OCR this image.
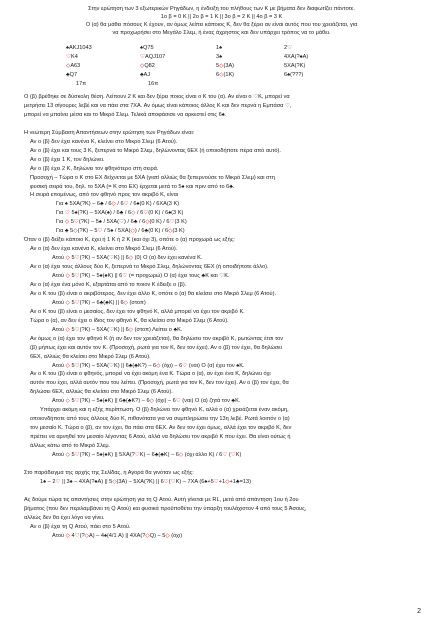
Στην ερώτηση των 3 εξωτερικών Ρηγάδων, η ένδειξη του πλήθους των Κ με βήματα δεν διαφωτίζει πάντοτε.
1ο β = 0 Κ || 2ο β = 1 Κ || 3ο β = 2 Κ || 4ο β = 3 Κ
Ο (α) θα μάθει πόσους Κ έχουν, αν όμως λείπει κάποιος Κ, δεν θα ξέρει αν είναι αυτός που του χρειάζεται, για
να προχωρήσει στο Μεγάλο Σλεμ, ή ένας άχρηστος και δεν υπάρχει τρόπος να το μάθει.
♠AKJ1043	♠Q75	1♠	2♡
♡K4	♡AQJ107	3♠	4ΧΑ(?♠Α)
◇A63	◇Q82	5◇(3A)	5ΧΑ(?K)
♣Q7	♣AJ	6◇(1K)	6♠(???)
17π	16π
Ο (β) βρέθηκε σε δύσκολη θέση. Λείπουν 2 Κ και δεν ξέρει ποιος είναι ο Κ του (α). Αν είναι ο ♡K, μπορεί να
μετρήσει 13 σίγουρες λεβέ και να πάει στα 7ΧΑ. Αν όμως είναι κάποιος άλλος Κ και δεν περνά η Εμπάσα ♡,
μπορεί να μπαίνει μέσα και το Μικρό Σλεμ. Τελικά αποφάσισε να αρκεστεί στις 6♠.
Η νεώτερη Σύμβαση Απαντήσεων στην ερώτηση των Ρηγάδων είναι:
Αν ο (β) δεν έχει κανένα Κ, κλείνει στο Μικρό Σλεμ (6 Ατού).
Αν ο (β) έχει και τους 3 Κ, ξεπερνά το Μικρό Σλεμ, δηλώνοντας 6ΕΧ (ή οποιοδήποτε πέρα από αυτό).
Αν ο (β) έχει 1 Κ, τον δηλώνει.
Αν ο (β) έχει 2 Κ, δηλώνει τον φθηνότερο στη σειρά.
Προσοχή – Τώρα ο Κ στο ΕΧ δείχνεται με 5ΧΑ (γιατί αλλιώς θα ξεπερνούσε το Μικρό Σλεμ) και στη
φυσική σειρά του, δηλ. το 5ΧΑ (= Κ στο ΕΧ) έρχεται μετά το 5♠ και πριν από το 6♣.
Η σειρά επομένως, από τον φθηνό προς τον ακριβό Κ, είναι
Για ♠ 5ΧΑ(?K) – 6♣ / 6◇ / 6♡ / 6♠(0 K) / 6ΧΑ(3 K)
Για ♡ 5♠(?K) – 5ΧΑ(♠) / 6♣ / 6◇ / 6♡(0 K) / 6♠(3 K)
Για ◇ 5♡(?K) – 5♠ / 5ΧΑ(♡) / 6♣ / 6◇(0 K) / 6♡(3 K)
Για ♣ 5◇(?K) – 5♡ / 5♠ / 5ΧΑ(◇) / 6♣(0 K) / 6◇(3 K)
Όταν ο (β) δείξει κάποιο Κ, έχει ή 1 Κ ή 2 Κ (και όχι 3), οπότε ο (α) προχωρά ως εξής:
Αν ο (α) δεν έχει κανένα Κ, κλείνει στο Μικρό Σλεμ (6 Ατού).
Ατού ◇ 5♡(?K) – 5ΧΑ(♡K) || 6◇ (0) Ο (α) δεν έχει κανένα Κ.
Αν ο (α) έχει τους άλλους δύο Κ, ξεπερνά το Μικρό Σλεμ, δηλώνοντας 6ΕΧ (ή οποιδήποτε άλλο).
Ατού ◇ 5♡(?K) – 5♠(♠K) || 6♡ (= προχωρώ) Ο (α) έχει τους ♣K και ♡K.
Αν ο (α) έχει ένα μόνο Κ, εξαρτάται από το ποιον Κ έδειξε ο (β).
Αν ο Κ του (β) είναι ο ακριβότερος, δεν έχει άλλο Κ, οπότε ο (α) θα κλείσει στο Μικρό Σλεμ (6 Ατού).
Ατού ◇ 5♡(?K) – 6♣(♣K) || 6◇ (στοπ)
Αν ο Κ του (β) είναι ο μεσαίος, δεν έχει τον φθηνό Κ, αλλά μπορεί να έχει τον ακριβό Κ.
Τώρα ο (α), αν δεν έχει ο ίδιος τον φθηνό Κ, θα κλείσει στο Μικρό Σλεμ (6 Ατού).
Ατού ◇ 5♡(?K) – 5ΧΑ(♡K) || 6◇ (στοπ) Λείπει ο ♣K.
Αν όμως ο (α) έχει τον φθηνό Κ (ή αν δεν τον χρειάζεται), θα δηλώσει τον ακριβό Κ, ρωτώντας έτσι τον
(β) μήπως έχει και αυτόν τον Κ. (Προσοχή, ρωτά για τον Κ, δεν τον έχει). Αν ο (β) τον έχει, θα δηλώσει
6ΕΧ, αλλιώς θα κλείσει στο Μικρό Σλεμ (6 Ατού).
Ατού ◇ 5♡(?K) – 5ΧΑ(♡K) || 6♣(♣K?) – 6◇ (όχι) – 6♡ (ναι) Ο (α) έχει τον ♠K.
Αν ο Κ του (β) είναι ο φθηνός, μπορεί να έχει ακόμη ένα Κ. Τώρα ο (α), αν έχει ένα Κ, δηλώνει όχι
αυτόν που έχει, αλλά αυτόν που του λείπει. (Προσοχή, ρωτά για τον Κ, δεν τον έχει). Αν ο (β) τον έχει, θα
δηλώσει 6ΕΧ, αλλιώς θα κλείσει στο Μικρό Σλεμ (6 Ατού).
Ατού ◇ 5♡(?K) – 5♠(♠K) || 6♣(♣K?) – 6◇ (όχι) – 6♡ (ναι) Ο (α) ζητά τον ♣K.
Υπάρχει ακόμη και η εξής περίπτωση. Ο (β) δηλώνει τον φθηνό Κ, αλλά ο (α) χρειάζεται έναν ακόμη,
οποιονδήποτε από τους άλλους δύο Κ, πιθανότατα για να συμπληρώσει την 13η λεβέ. Ρωτά λοιπόν ο (α)
τον μεσαίο Κ. Τώρα ο (β), αν τον έχει, θα πάει στα 6ΕΧ. Αν δεν τον έχει όμως, αλλά έχει τον ακριβό Κ, δεν
πρέπει να αρνηθεί τον μεσαίο λέγοντας 6 Ατού, αλλά να δηλώσει τον ακριβό Κ που έχει. Θα είναι ούτως ή
άλλως κάτω από το Μικρό Σλεμ.
Ατού ◇ 5♡(?K) – 5♠(♠K) || 5ΧΑ(?♡K) – 6♣(♣K) – 6◇ (όχι άλλο Κ) / 6♡ (♡K)
Στο παράδειγμα της αρχής της Σελίδας, η Αγορά θα γινόταν ως εξής:
1♠ – 2♡ || 3♠ – 4ΧΑ(?♠Α) || 5◇(3A) – 5ΧΑ(?K) || 6♡(♡K) – 7ΧΑ (6♠+5♡+1◇+1♣=13)
Ας δούμε τώρα τις απαντήσεις στην ερώτηση για τη Q Ατού. Αυτή γίνεται με RL, μετά από απάντηση 1ου ή 2ου
βήματος (που δεν περιλαμβάνει τη Q Ατού) και φυσικά προϋποθέτει την ύπαρξη τουλάχιστον 4 από τους 5 Άσους,
αλλιώς δεν θα έχει λόγο να γίνει.
Αν ο (β) έχει τη Q Ατού, πάει στο 5 Ατού.
Ατού ◇ 4♡(?◇A) – 4♠(4/1 A) || 4ΧΑ(?◇Q) – 5◇ (όχι)
2
